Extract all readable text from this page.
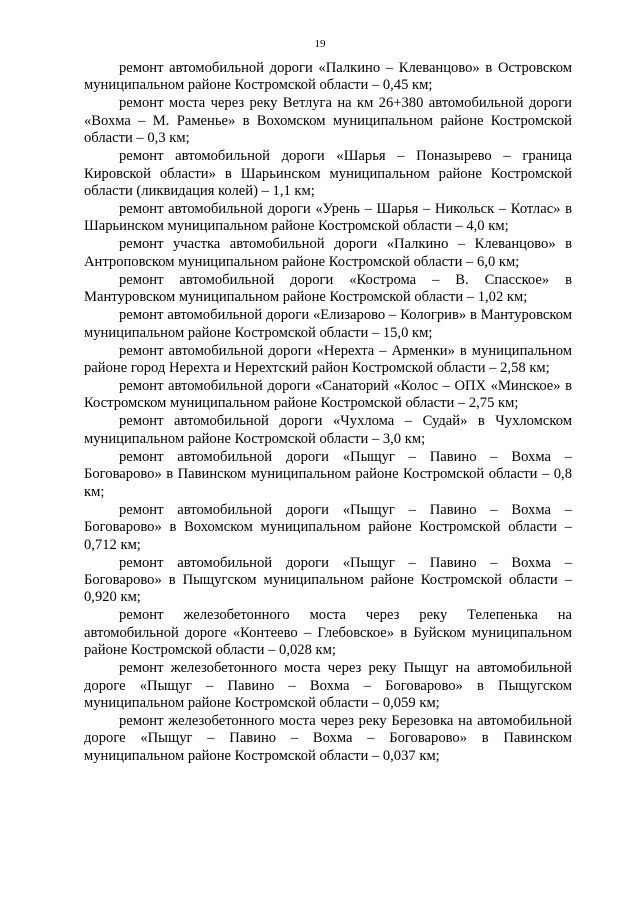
19

ремонт автомобильной дороги «Палкино – Клеванцово» в Островском муниципальном районе Костромской области – 0,45 км;

ремонт моста через реку Ветлуга на км 26+380 автомобильной дороги «Вохма – М. Раменье» в Вохомском муниципальном районе Костромской области – 0,3 км;

ремонт автомобильной дороги «Шарья – Поназырево – граница Кировской области» в Шарьинском муниципальном районе Костромской области (ликвидация колей) – 1,1 км;

ремонт автомобильной дороги «Урень – Шарья – Никольск – Котлас» в Шарьинском муниципальном районе Костромской области – 4,0 км;

ремонт участка автомобильной дороги «Палкино – Клеванцово» в Антроповском муниципальном районе Костромской области – 6,0 км;

ремонт автомобильной дороги «Кострома – В. Спасское» в Мантуровском муниципальном районе Костромской области – 1,02 км;

ремонт автомобильной дороги «Елизарово – Кологрив» в Мантуровском муниципальном районе Костромской области – 15,0 км;

ремонт автомобильной дороги «Нерехта – Арменки» в муниципальном районе город Нерехта и Нерехтский район Костромской области – 2,58 км;

ремонт автомобильной дороги «Санаторий «Колос – ОПХ «Минское» в Костромском муниципальном районе Костромской области – 2,75 км;

ремонт автомобильной дороги «Чухлома – Судай» в Чухломском муниципальном районе Костромской области – 3,0 км;

ремонт автомобильной дороги «Пыщуг – Павино – Вохма – Боговарово» в Павинском муниципальном районе Костромской области – 0,8 км;

ремонт автомобильной дороги «Пыщуг – Павино – Вохма – Боговарово» в Вохомском муниципальном районе Костромской области – 0,712 км;

ремонт автомобильной дороги «Пыщуг – Павино – Вохма – Боговарово» в Пыщугском муниципальном районе Костромской области – 0,920 км;

ремонт железобетонного моста через реку Телепенька на автомобильной дороге «Контеево – Глебовское» в Буйском муниципальном районе Костромской области – 0,028 км;

ремонт железобетонного моста через реку Пыщуг на автомобильной дороге «Пыщуг – Павино – Вохма – Боговарово» в Пыщугском муниципальном районе Костромской области – 0,059 км;

ремонт железобетонного моста через реку Березовка на автомобильной дороге «Пыщуг – Павино – Вохма – Боговарово» в Павинском муниципальном районе Костромской области – 0,037 км;
